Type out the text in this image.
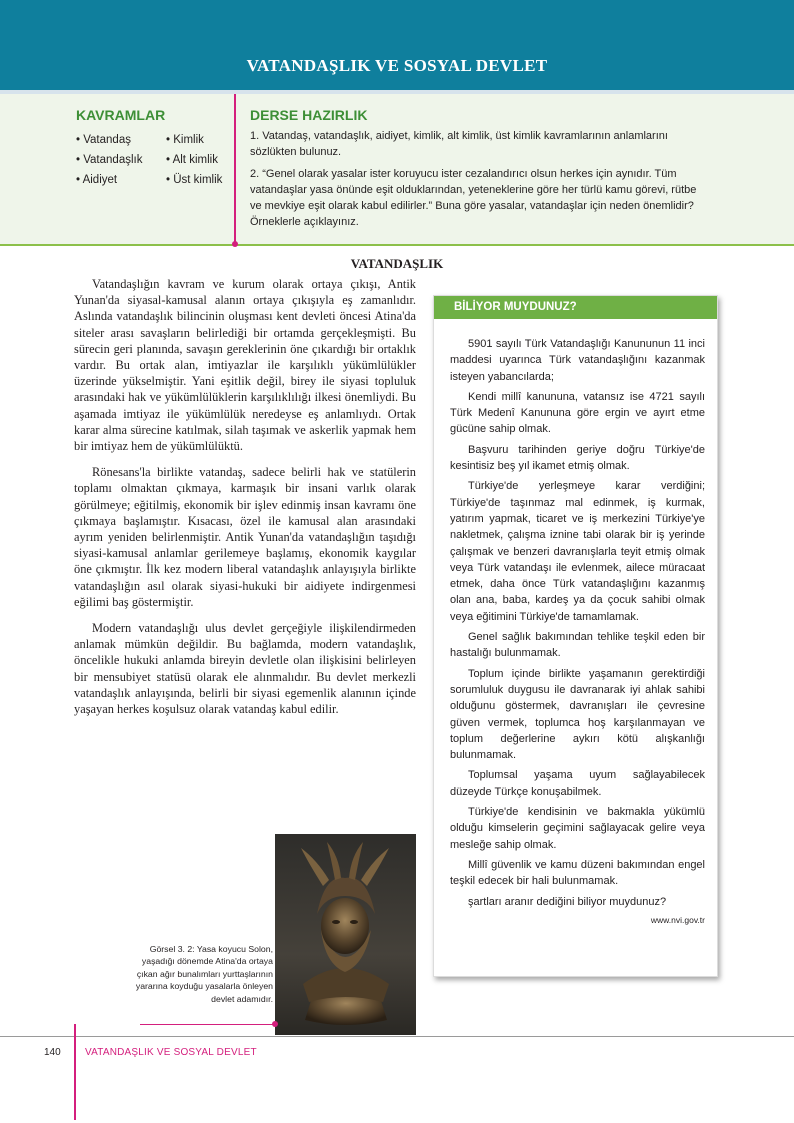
VATANDAŞLIK VE SOSYAL DEVLET
KAVRAMLAR
• Vatandaş
• Vatandaşlık
• Aidiyet
• Kimlik
• Alt kimlik
• Üst kimlik
DERSE HAZIRLIK
1. Vatandaş, vatandaşlık, aidiyet, kimlik, alt kimlik, üst kimlik kavramlarının anlamlarını sözlükten bulunuz.
2. “Genel olarak yasalar ister koruyucu ister cezalandırıcı olsun herkes için aynıdır. Tüm vatandaşlar yasa önünde eşit olduklarından, yeteneklerine göre her türlü kamu görevi, rütbe ve mevkiye eşit olarak kabul edilirler.” Buna göre yasalar, vatandaşlar için neden önemlidir? Örneklerle açıklayınız.
VATANDAŞLIK

Vatandaşlığın kavram ve kurum olarak ortaya çıkışı, Antik Yunan'da siyasal-kamusal alanın ortaya çıkışıyla eş zamanlıdır. Aslında vatandaşlık bilincinin oluşması kent devleti öncesi Atina'da siteler arası savaşların belirlediği bir ortamda gerçekleşmişti. Bu sürecin geri planında, savaşın gereklerinin öne çıkardığı bir ortaklık vardır. Bu ortak alan, imtiyazlar ile karşılıklı yükümlülükler üzerinde yükselmiştir. Yani eşitlik değil, birey ile siyasi topluluk arasındaki hak ve yükümlülüklerin karşılıklılığı ilkesi önemliydi. Bu aşamada imtiyaz ile yükümlülük neredeyse eş anlamlıydı. Ortak karar alma sürecine katılmak, silah taşımak ve askerlik yapmak hem bir imtiyaz hem de yükümlülüktü.

Rönesans'la birlikte vatandaş, sadece belirli hak ve statülerin toplamı olmaktan çıkmaya, karmaşık bir insani varlık olarak görülmeye; eğitilmiş, ekonomik bir işlev edinmiş insan kavramı öne çıkmaya başlamıştır. Kısacası, özel ile kamusal alan arasındaki ayrım yeniden belirlenmiştir. Antik Yunan'da vatandaşlığın taşıdığı siyasi-kamusal anlamlar gerilemeye başlamış, ekonomik kaygılar öne çıkmıştır. İlk kez modern liberal vatandaşlık anlayışıyla birlikte vatandaşlığın asıl olarak siyasi-hukuki bir aidiyete indirgenmesi eğilimi baş göstermiştir.

Modern vatandaşlığı ulus devlet gerçeğiyle ilişkilendirmeden anlamak mümkün değildir. Bu bağlamda, modern vatandaşlık, öncelikle hukuki anlamda bireyin devletle olan ilişkisini belirleyen bir mensubiyet statüsü olarak ele alınmalıdır. Bu devlet merkezli vatandaşlık anlayışında, belirli bir siyasi egemenlik alanının içinde yaşayan herkes koşulsuz olarak vatandaş kabul edilir.

BİLİYOR MUYDUNUZ?

5901 sayılı Türk Vatandaşlığı Kanununun 11 inci maddesi uyarınca Türk vatandaşlığını kazanmak isteyen yabancılarda;

Kendi millî kanununa, vatansız ise 4721 sayılı Türk Medenî Kanununa göre ergin ve ayırt etme gücüne sahip olmak.

Başvuru tarihinden geriye doğru Türkiye'de kesintisiz beş yıl ikamet etmiş olmak.

Türkiye'de yerleşmeye karar verdiğini; Türkiye'de taşınmaz mal edinmek, iş kurmak, yatırım yapmak, ticaret ve iş merkezini Türkiye'ye nakletmek, çalışma iznine tabi olarak bir iş yerinde çalışmak ve benzeri davranışlarla teyit etmiş olmak veya Türk vatandaşı ile evlenmek, ailece müracaat etmek, daha önce Türk vatandaşlığını kazanmış olan ana, baba, kardeş ya da çocuk sahibi olmak veya eğitimini Türkiye'de tamamlamak.

Genel sağlık bakımından tehlike teşkil eden bir hastalığı bulunmamak.

Toplum içinde birlikte yaşamanın gerektirdiği sorumluluk duygusu ile davranarak iyi ahlak sahibi olduğunu göstermek, davranışları ile çevresine güven vermek, toplumca hoş karşılanmayan ve toplum değerlerine aykırı kötü alışkanlığı bulunmamak.

Toplumsal yaşama uyum sağlayabilecek düzeyde Türkçe konuşabilmek.

Türkiye'de kendisinin ve bakmakla yükümlü olduğu kimselerin geçimini sağlayacak gelire veya mesleğe sahip olmak.

Millî güvenlik ve kamu düzeni bakımından engel teşkil edecek bir hali bulunmamak.

şartları aranır dediğini biliyor muydunuz?

www.nvi.gov.tr
Görsel 3. 2: Yasa koyucu Solon, yaşadığı dönemde Atina'da ortaya çıkan ağır bunalımları yurttaşlarının yararına koyduğu yasalarla önleyen devlet adamıdır.
140 VATANDAŞLIK VE SOSYAL DEVLET
